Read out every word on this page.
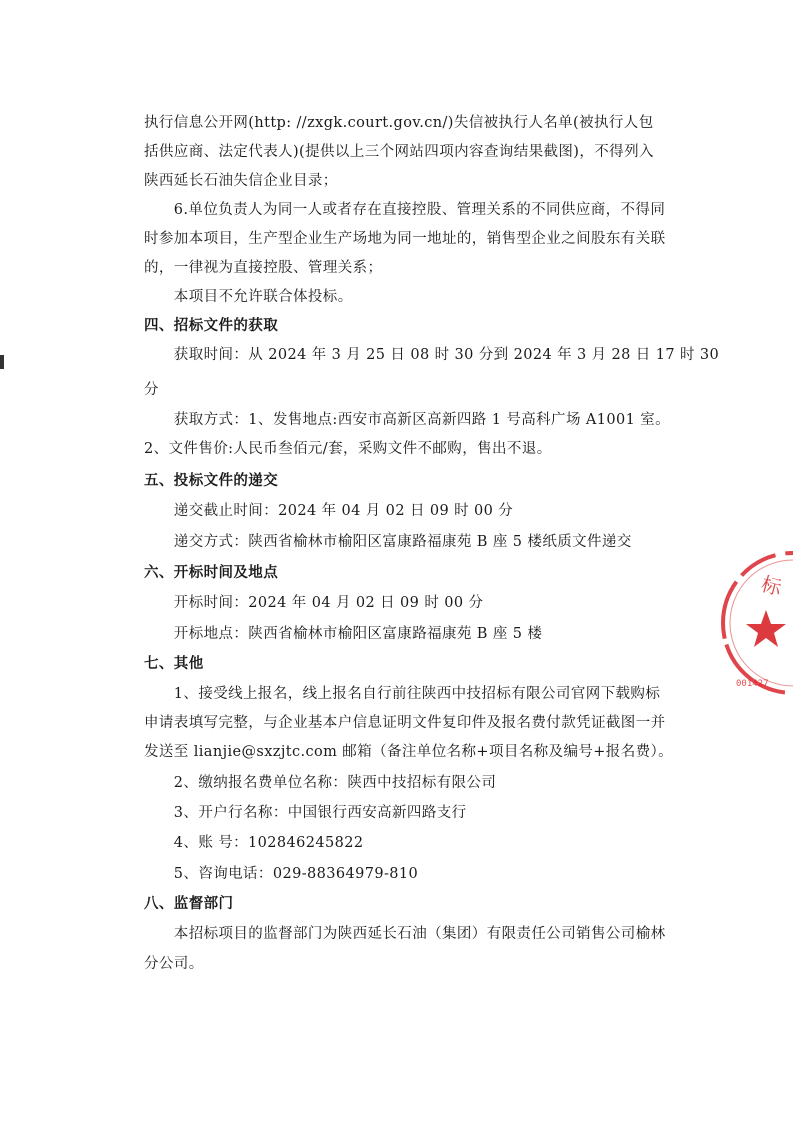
执行信息公开网(http: //zxgk.court.gov.cn/)失信被执行人名单(被执行人包
括供应商、法定代表人)(提供以上三个网站四项内容查询结果截图)，不得列入
陕西延长石油失信企业目录；
　　6.单位负责人为同一人或者存在直接控股、管理关系的不同供应商，不得同
时参加本项目，生产型企业生产场地为同一地址的，销售型企业之间股东有关联
的，一律视为直接控股、管理关系；
　　本项目不允许联合体投标。
四、招标文件的获取
　　获取时间：从 2024 年 3 月 25 日 08 时 30 分到 2024 年 3 月 28 日 17 时 30
分
　　获取方式：1、发售地点:西安市高新区高新四路 1 号高科广场 A1001 室。
2、文件售价:人民币叁佰元/套，采购文件不邮购，售出不退。
五、投标文件的递交
　　递交截止时间：2024 年 04 月 02 日 09 时 00 分
　　递交方式：陕西省榆林市榆阳区富康路福康苑 B 座 5 楼纸质文件递交
六、开标时间及地点
　　开标时间：2024 年 04 月 02 日 09 时 00 分
　　开标地点：陕西省榆林市榆阳区富康路福康苑 B 座 5 楼
七、其他
　　1、接受线上报名，线上报名自行前往陕西中技招标有限公司官网下载购标
申请表填写完整，与企业基本户信息证明文件复印件及报名费付款凭证截图一并
发送至 lianjie@sxzjtc.com 邮箱（备注单位名称+项目名称及编号+报名费）。
　　2、缴纳报名费单位名称：陕西中技招标有限公司
　　3、开户行名称：中国银行西安高新四路支行
　　4、账 号：102846245822
　　5、咨询电话：029-88364979-810
八、监督部门
　　本招标项目的监督部门为陕西延长石油（集团）有限责任公司销售公司榆林
分公司。
标
001427
